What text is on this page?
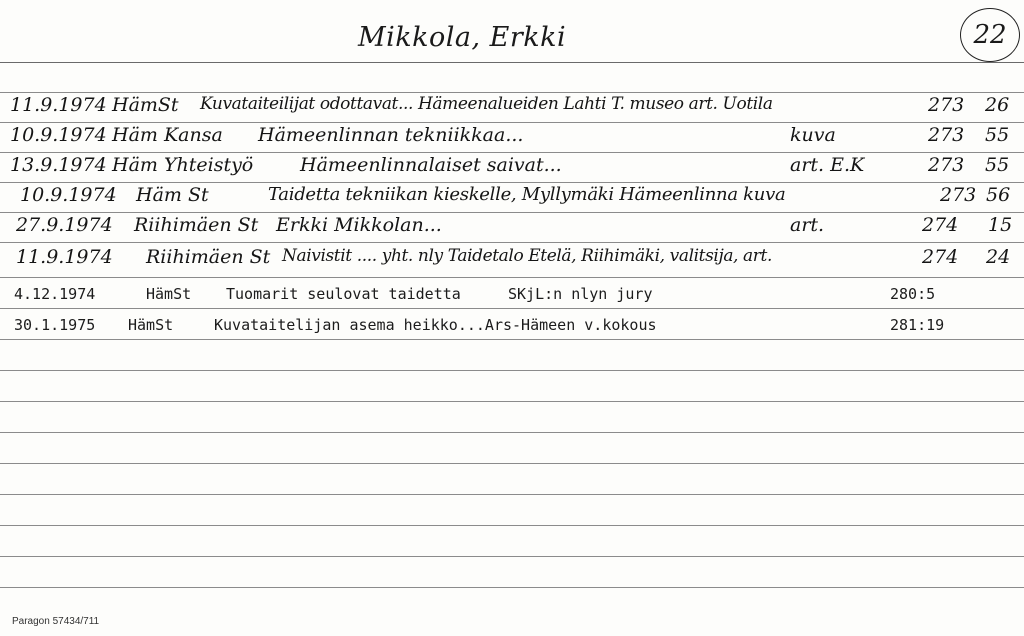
Mikkola, Erkki	22
11.9.1974 HämSt Kuvataiteilijat odottavat... Hämeenalueiden Lahti T. museo art. Uotila	273 26
10.9.1974 Häm Kansa Hämeenlinnan tekniikkaa...	kuva	273 55
13.9.1974 Häm Yhteistyö Hämeenlinnalaiset saivat...	art. E.K	273 55
10.9.1974 Häm St	Taidetta tekniikan kieskelle, Myllymäki Hämeenlinna kuva	273 56
27.9.1974 Riihimäen St Erkki Mikkolan...	art.	274 15
11.9.1974 Riihimäen St Naivistit .... yht. nly Taidetalo Etelä, Riihimäki, valitsija, art.	274 24
4.12.1974	HämSt Tuomarit seulovat taidetta	SKjL:n nlyn jury	280:5
30.1.1975 HämSt	Kuvataitelijan asema heikko...Ars-Hämeen v.kokous	281:19
Paragon 57434/711
